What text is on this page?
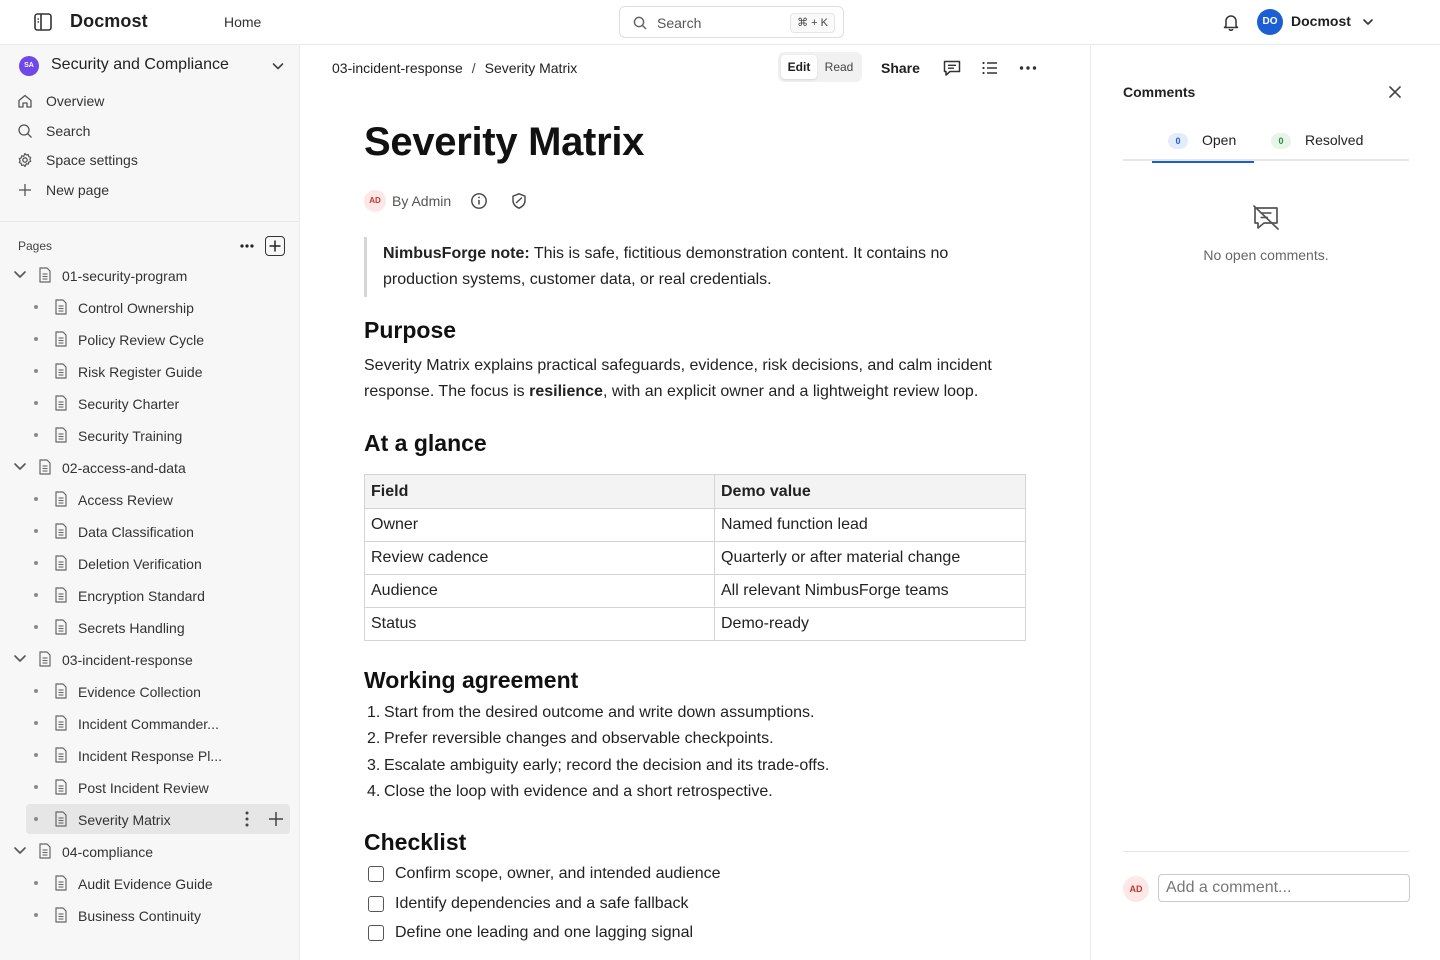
Docmost	Home	Search	⌘ + K	DO Docmost
SA	Security and Compliance
Overview
Search
Space settings
New page
Pages
01-security-program
Control Ownership
Policy Review Cycle
Risk Register Guide
Security Charter
Security Training
02-access-and-data
Access Review
Data Classification
Deletion Verification
Encryption Standard
Secrets Handling
03-incident-response
Evidence Collection
Incident Commander...
Incident Response Pl...
Post Incident Review
Severity Matrix
04-compliance
Audit Evidence Guide
Business Continuity
03-incident-response / Severity Matrix	Edit	Read	Share
Severity Matrix
AD By Admin
NimbusForge note: This is safe, fictitious demonstration content. It contains no production systems, customer data, or real credentials.
Purpose
Severity Matrix explains practical safeguards, evidence, risk decisions, and calm incident response. The focus is resilience, with an explicit owner and a lightweight review loop.
At a glance
Field	Demo value
Owner	Named function lead
Review cadence	Quarterly or after material change
Audience	All relevant NimbusForge teams
Status	Demo-ready
Working agreement
1. Start from the desired outcome and write down assumptions.
2. Prefer reversible changes and observable checkpoints.
3. Escalate ambiguity early; record the decision and its trade-offs.
4. Close the loop with evidence and a short retrospective.
Checklist
Confirm scope, owner, and intended audience
Identify dependencies and a safe fallback
Define one leading and one lagging signal
Comments
0	Open	0	Resolved
No open comments.
AD
Add a comment...
